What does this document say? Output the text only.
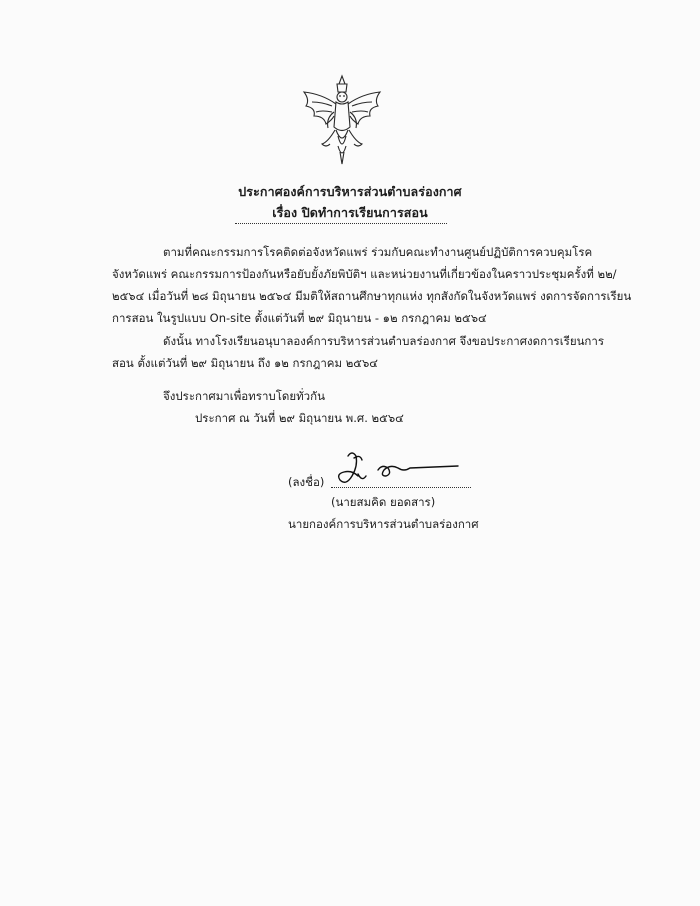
ประกาศองค์การบริหารส่วนตำบลร่องกาศ
เรื่อง ปิดทำการเรียนการสอน
ตามที่คณะกรรมการโรคติดต่อจังหวัดแพร่ ร่วมกับคณะทำงานศูนย์ปฏิบัติการควบคุมโรค
จังหวัดแพร่ คณะกรรมการป้องกันหรือยับยั้งภัยพิบัติฯ และหน่วยงานที่เกี่ยวข้องในคราวประชุมครั้งที่ ๒๒/
๒๕๖๔ เมื่อวันที่ ๒๘ มิถุนายน ๒๕๖๔ มีมติให้สถานศึกษาทุกแห่ง ทุกสังกัดในจังหวัดแพร่ งดการจัดการเรียน
การสอน ในรูปแบบ On-site ตั้งแต่วันที่ ๒๙ มิถุนายน - ๑๒ กรกฎาคม ๒๕๖๔
ดังนั้น ทางโรงเรียนอนุบาลองค์การบริหารส่วนตำบลร่องกาศ จึงขอประกาศงดการเรียนการ
สอน ตั้งแต่วันที่ ๒๙ มิถุนายน ถึง ๑๒ กรกฎาคม ๒๕๖๔
จึงประกาศมาเพื่อทราบโดยทั่วกัน
ประกาศ ณ วันที่ ๒๙ มิถุนายน พ.ศ. ๒๕๖๔
(ลงชื่อ)
(นายสมคิด ยอดสาร)
นายกองค์การบริหารส่วนตำบลร่องกาศ
